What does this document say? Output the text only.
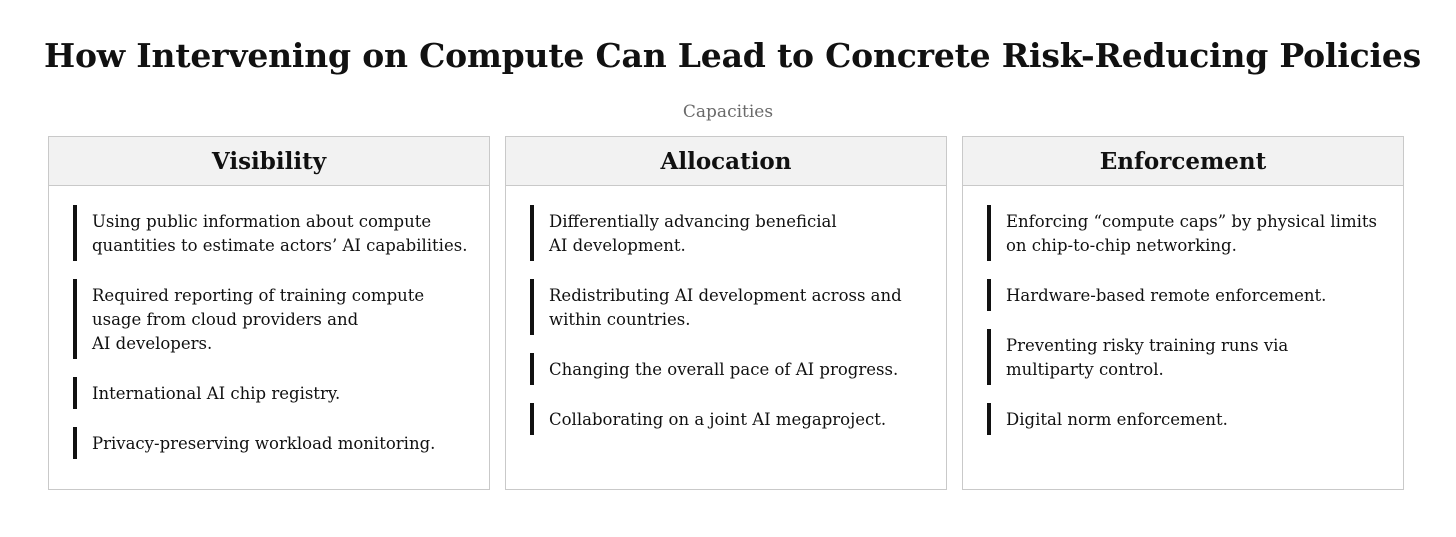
How Intervening on Compute Can Lead to Concrete Risk-Reducing Policies
Capacities
Visibility
Using public information about compute
quantities to estimate actors’ AI capabilities.
Required reporting of training compute
usage from cloud providers and
AI developers.
International AI chip registry.
Privacy-preserving workload monitoring.
Allocation
Differentially advancing beneficial
AI development.
Redistributing AI development across and
within countries.
Changing the overall pace of AI progress.
Collaborating on a joint AI megaproject.
Enforcement
Enforcing “compute caps” by physical limits
on chip-to-chip networking.
Hardware-based remote enforcement.
Preventing risky training runs via
multiparty control.
Digital norm enforcement.
